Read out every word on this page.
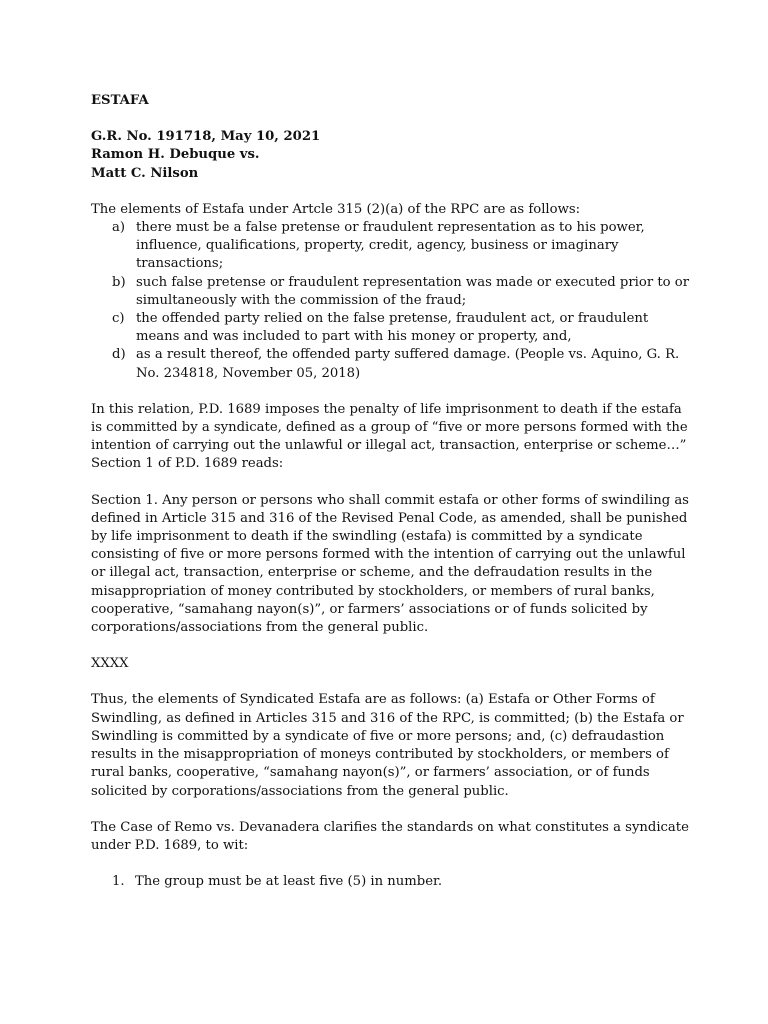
ESTAFA
G.R. No. 191718, May 10, 2021
Ramon H. Debuque vs.
Matt C. Nilson

The elements of Estafa under Artcle 315 (2)(a) of the RPC are as follows:

a) there must be a false pretense or fraudulent representation as to his power, influence, qualifications, property, credit, agency, business or imaginary transactions;
b) such false pretense or fraudulent representation was made or executed prior to or simultaneously with the commission of the fraud;
c) the offended party relied on the false pretense, fraudulent act, or fraudulent means and was included to part with his money or property, and,
d) as a result thereof, the offended party suffered damage. (People vs. Aquino, G. R. No. 234818, November 05, 2018)

In this relation, P.D. 1689 imposes the penalty of life imprisonment to death if the estafa is committed by a syndicate, defined as a group of “five or more persons formed with the intention of carrying out the unlawful or illegal act, transaction, enterprise or scheme…” Section 1 of P.D. 1689 reads:

Section 1. Any person or persons who shall commit estafa or other forms of swindiling as defined in Article 315 and 316 of the Revised Penal Code, as amended, shall be punished by life imprisonment to death if the swindling (estafa) is committed by a syndicate consisting of five or more persons formed with the intention of carrying out the unlawful or illegal act, transaction, enterprise or scheme, and the defraudation results in the misappropriation of money contributed by stockholders, or members of rural banks, cooperative, “samahang nayon(s)”, or farmers’ associations or of funds solicited by corporations/associations from the general public.

XXXX

Thus, the elements of Syndicated Estafa are as follows: (a) Estafa or Other Forms of Swindling, as defined in Articles 315 and 316 of the RPC, is committed; (b) the Estafa or Swindling is committed by a syndicate of five or more persons; and, (c) defraudastion results in the misappropriation of moneys contributed by stockholders, or members of rural banks, cooperative, “samahang nayon(s)”, or farmers’ association, or of funds solicited by corporations/associations from the general public.

The Case of Remo vs. Devanadera clarifies the standards on what constitutes a syndicate under P.D. 1689, to wit:

1. The group must be at least five (5) in number.
